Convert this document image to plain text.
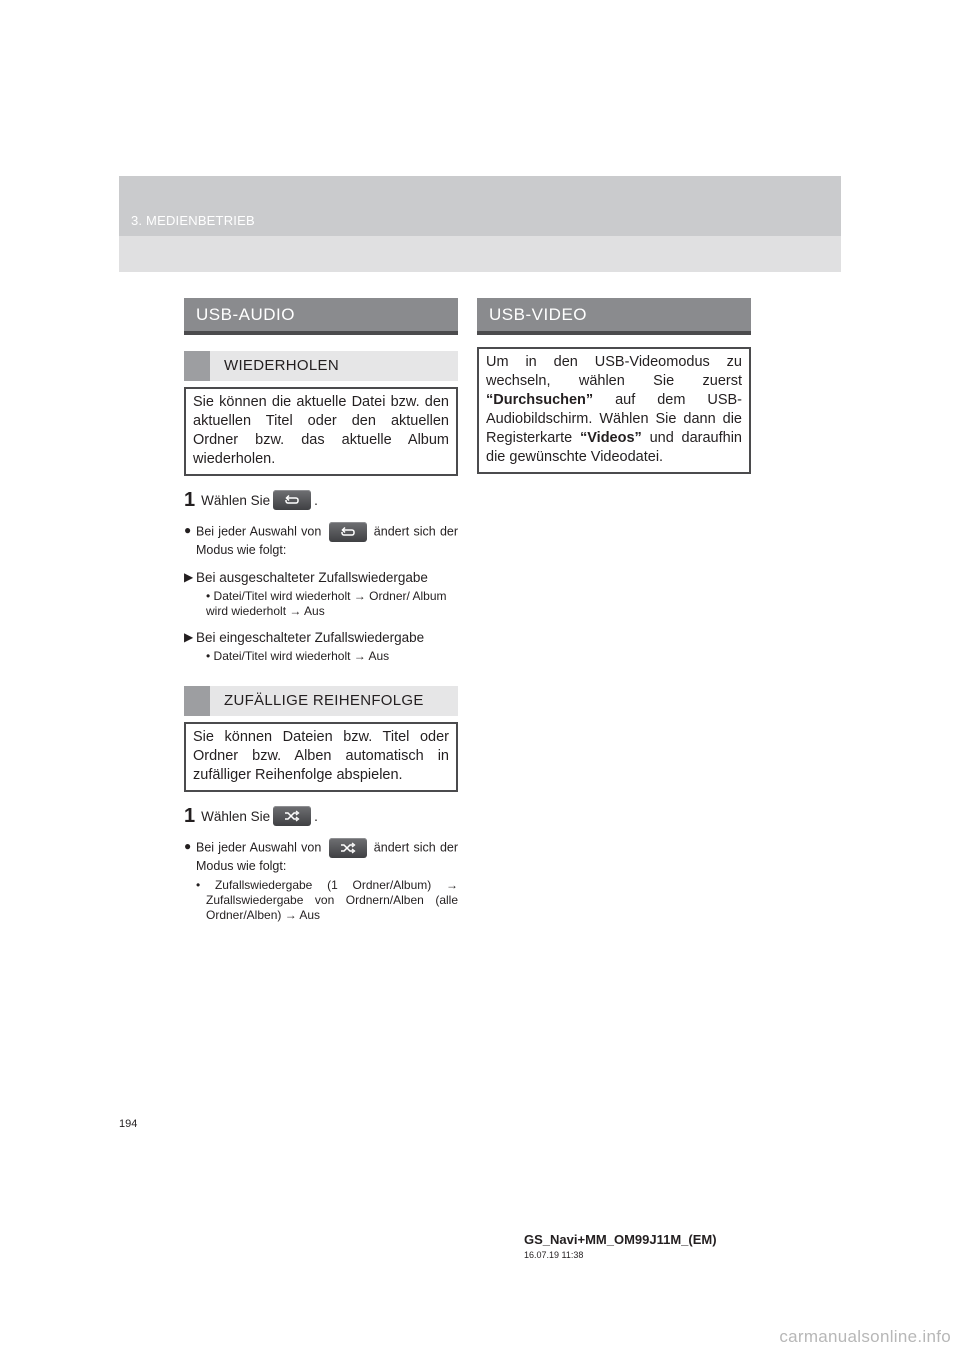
3. MEDIENBETRIEB
USB-AUDIO
WIEDERHOLEN
Sie können die aktuelle Datei bzw. den aktuellen Titel oder den aktuellen Ordner bzw. das aktuelle Album wiederholen.
1 Wählen Sie	.
● Bei jeder Auswahl von	ändert sich der Modus wie folgt:
▶ Bei ausgeschalteter Zufallswiedergabe
• Datei/Titel wird wiederholt → Ordner/ Album
wird wiederholt → Aus
▶ Bei eingeschalteter Zufallswiedergabe
• Datei/Titel wird wiederholt → Aus
ZUFÄLLIGE REIHENFOLGE
Sie können Dateien bzw. Titel oder Ordner bzw. Alben automatisch in zufälliger Reihenfolge abspielen.
1 Wählen Sie	.
● Bei jeder Auswahl von	ändert sich der Modus wie folgt:
• Zufallswiedergabe (1 Ordner/Album) → Zufallswiedergabe von Ordnern/Alben (alle Ordner/Alben) → Aus
USB-VIDEO
Um in den USB-Videomodus zu wechseln, wählen Sie zuerst “Durchsuchen” auf dem USB-Audiobildschirm. Wählen Sie dann die Registerkarte “Videos” und daraufhin die gewünschte Videodatei.
194
GS_Navi+MM_OM99J11M_(EM)
16.07.19 11:38
carmanualsonline.info
